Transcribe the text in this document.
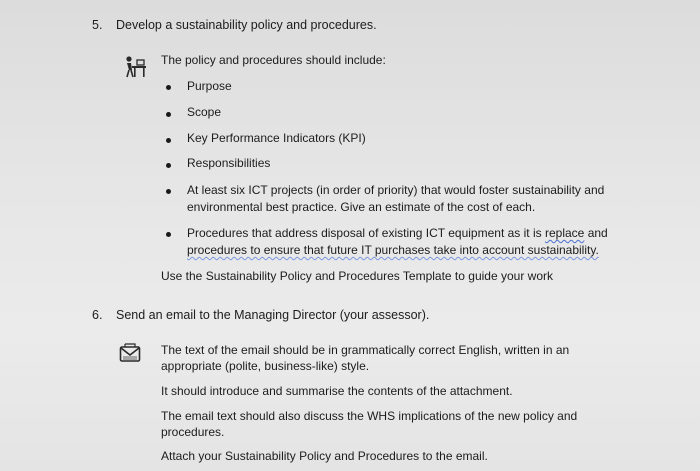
5. Develop a sustainability policy and procedures.
The policy and procedures should include:
Purpose
Scope
Key Performance Indicators (KPI)
Responsibilities
At least six ICT projects (in order of priority) that would foster sustainability and
environmental best practice. Give an estimate of the cost of each.
Procedures that address disposal of existing ICT equipment as it is replace and
procedures to ensure that future IT purchases take into account sustainability.
Use the Sustainability Policy and Procedures Template to guide your work
6. Send an email to the Managing Director (your assessor).
The text of the email should be in grammatically correct English, written in an
appropriate (polite, business-like) style.
It should introduce and summarise the contents of the attachment.
The email text should also discuss the WHS implications of the new policy and
procedures.
Attach your Sustainability Policy and Procedures to the email.
